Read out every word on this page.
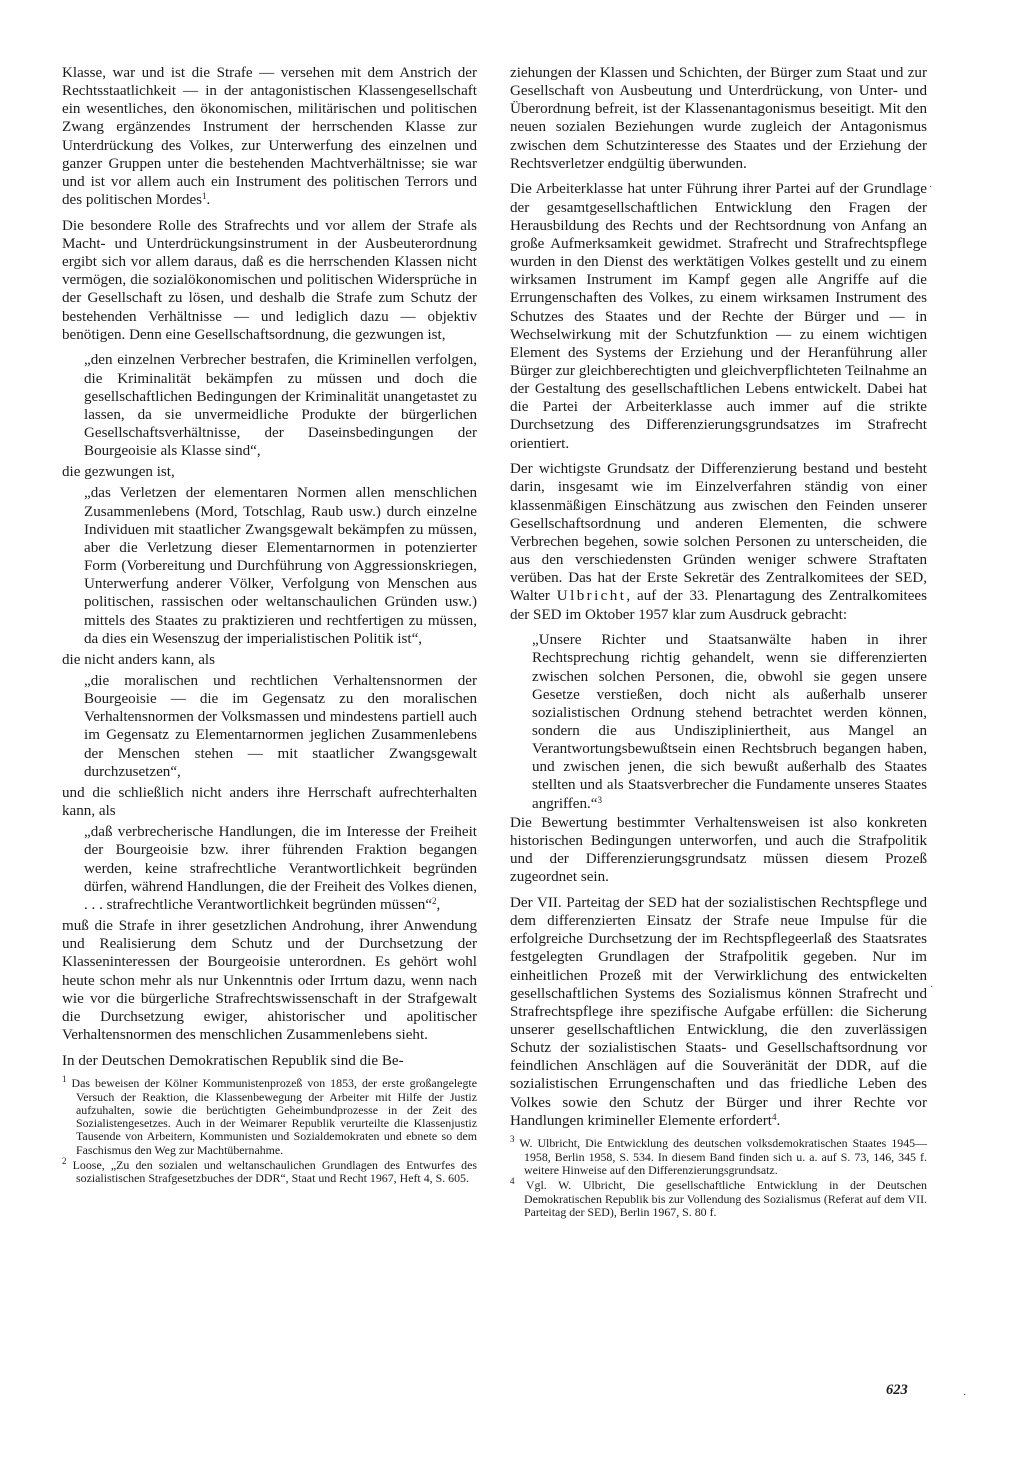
Klasse, war und ist die Strafe — versehen mit dem Anstrich der Rechtsstaatlichkeit — in der antagonistischen Klassengesellschaft ein wesentliches, den ökonomischen, militärischen und politischen Zwang ergänzendes Instrument der herrschenden Klasse zur Unterdrückung des Volkes, zur Unterwerfung des einzelnen und ganzer Gruppen unter die bestehenden Machtverhältnisse; sie war und ist vor allem auch ein Instrument des politischen Terrors und des politischen Mordes$^1$.

Die besondere Rolle des Strafrechts und vor allem der Strafe als Macht- und Unterdrückungsinstrument in der Ausbeuterordnung ergibt sich vor allem daraus, daß es die herrschenden Klassen nicht vermögen, die sozialökonomischen und politischen Widersprüche in der Gesellschaft zu lösen, und deshalb die Strafe zum Schutz der bestehenden Verhältnisse — und lediglich dazu — objektiv benötigen. Denn eine Gesellschaftsordnung, die gezwungen ist,

„den einzelnen Verbrecher bestrafen, die Kriminellen verfolgen, die Kriminalität bekämpfen zu müssen und doch die gesellschaftlichen Bedingungen der Kriminalität unangetastet zu lassen, da sie unvermeidliche Produkte der bürgerlichen Gesellschaftsverhältnisse, der Daseinsbedingungen der Bourgeoisie als Klasse sind“,

die gezwungen ist,

„das Verletzen der elementaren Normen allen menschlichen Zusammenlebens (Mord, Totschlag, Raub usw.) durch einzelne Individuen mit staatlicher Zwangsgewalt bekämpfen zu müssen, aber die Verletzung dieser Elementarnormen in potenzierter Form (Vorbereitung und Durchführung von Aggressionskriegen, Unterwerfung anderer Völker, Verfolgung von Menschen aus politischen, rassischen oder weltanschaulichen Gründen usw.) mittels des Staates zu praktizieren und rechtfertigen zu müssen, da dies ein Wesenszug der imperialistischen Politik ist“,

die nicht anders kann, als

„die moralischen und rechtlichen Verhaltensnormen der Bourgeoisie — die im Gegensatz zu den moralischen Verhaltensnormen der Volksmassen und mindestens partiell auch im Gegensatz zu Elementarnormen jeglichen Zusammenlebens der Menschen stehen — mit staatlicher Zwangsgewalt durchzusetzen“,

und die schließlich nicht anders ihre Herrschaft aufrechterhalten kann, als

„daß verbrecherische Handlungen, die im Interesse der Freiheit der Bourgeoisie bzw. ihrer führenden Fraktion begangen werden, keine strafrechtliche Verantwortlichkeit begründen dürfen, während Handlungen, die der Freiheit des Volkes dienen, . . . strafrechtliche Verantwortlichkeit begründen müssen“$^2$,

muß die Strafe in ihrer gesetzlichen Androhung, ihrer Anwendung und Realisierung dem Schutz und der Durchsetzung der Klasseninteressen der Bourgeoisie unterordnen. Es gehört wohl heute schon mehr als nur Unkenntnis oder Irrtum dazu, wenn nach wie vor die bürgerliche Strafrechtswissenschaft in der Strafgewalt die Durchsetzung ewiger, ahistorischer und apolitischer Verhaltensnormen des menschlichen Zusammenlebens sieht.

In der Deutschen Demokratischen Republik sind die Be-

$^1$ Das beweisen der Kölner Kommunistenprozeß von 1853, der erste großangelegte Versuch der Reaktion, die Klassenbewegung der Arbeiter mit Hilfe der Justiz aufzuhalten, sowie die berüchtigten Geheimbundprozesse in der Zeit des Sozialistengesetzes. Auch in der Weimarer Republik verurteilte die Klassenjustiz Tausende von Arbeitern, Kommunisten und Sozialdemokraten und ebnete so dem Faschismus den Weg zur Machtübernahme.

$^2$ Loose, „Zu den sozialen und weltanschaulichen Grundlagen des Entwurfes des sozialistischen Strafgesetzbuches der DDR“, Staat und Recht 1967, Heft 4, S. 605.

ziehungen der Klassen und Schichten, der Bürger zum Staat und zur Gesellschaft von Ausbeutung und Unterdrückung, von Unter- und Überordnung befreit, ist der Klassenantagonismus beseitigt. Mit den neuen sozialen Beziehungen wurde zugleich der Antagonismus zwischen dem Schutzinteresse des Staates und der Erziehung der Rechtsverletzer endgültig überwunden.

Die Arbeiterklasse hat unter Führung ihrer Partei auf der Grundlage der gesamtgesellschaftlichen Entwicklung den Fragen der Herausbildung des Rechts und der Rechtsordnung von Anfang an große Aufmerksamkeit gewidmet. Strafrecht und Strafrechtspflege wurden in den Dienst des werktätigen Volkes gestellt und zu einem wirksamen Instrument im Kampf gegen alle Angriffe auf die Errungenschaften des Volkes, zu einem wirksamen Instrument des Schutzes des Staates und der Rechte der Bürger und — in Wechselwirkung mit der Schutzfunktion — zu einem wichtigen Element des Systems der Erziehung und der Heranführung aller Bürger zur gleichberechtigten und gleichverpflichteten Teilnahme an der Gestaltung des gesellschaftlichen Lebens entwickelt. Dabei hat die Partei der Arbeiterklasse auch immer auf die strikte Durchsetzung des Differenzierungsgrundsatzes im Strafrecht orientiert.

Der wichtigste Grundsatz der Differenzierung bestand und besteht darin, insgesamt wie im Einzelverfahren ständig von einer klassenmäßigen Einschätzung aus zwischen den Feinden unserer Gesellschaftsordnung und anderen Elementen, die schwere Verbrechen begehen, sowie solchen Personen zu unterscheiden, die aus den verschiedensten Gründen weniger schwere Straftaten verüben. Das hat der Erste Sekretär des Zentralkomitees der SED, Walter Ulbricht, auf der 33. Plenartagung des Zentralkomitees der SED im Oktober 1957 klar zum Ausdruck gebracht:

„Unsere Richter und Staatsanwälte haben in ihrer Rechtsprechung richtig gehandelt, wenn sie differenzierten zwischen solchen Personen, die, obwohl sie gegen unsere Gesetze verstießen, doch nicht als außerhalb unserer sozialistischen Ordnung stehend betrachtet werden können, sondern die aus Undiszipliniertheit, aus Mangel an Verantwortungsbewußtsein einen Rechtsbruch begangen haben, und zwischen jenen, die sich bewußt außerhalb des Staates stellten und als Staatsverbrecher die Fundamente unseres Staates angriffen.“$^3$

Die Bewertung bestimmter Verhaltensweisen ist also konkreten historischen Bedingungen unterworfen, und auch die Strafpolitik und der Differenzierungsgrundsatz müssen diesem Prozeß zugeordnet sein.

Der VII. Parteitag der SED hat der sozialistischen Rechtspflege und dem differenzierten Einsatz der Strafe neue Impulse für die erfolgreiche Durchsetzung der im Rechtspflegeerlaß des Staatsrates festgelegten Grundlagen der Strafpolitik gegeben. Nur im einheitlichen Prozeß mit der Verwirklichung des entwickelten gesellschaftlichen Systems des Sozialismus können Strafrecht und Strafrechtspflege ihre spezifische Aufgabe erfüllen: die Sicherung unserer gesellschaftlichen Entwicklung, die den zuverlässigen Schutz der sozialistischen Staats- und Gesellschaftsordnung vor feindlichen Anschlägen auf die Souveränität der DDR, auf die sozialistischen Errungenschaften und das friedliche Leben des Volkes sowie den Schutz der Bürger und ihrer Rechte vor Handlungen krimineller Elemente erfordert$^4$.

$^3$ W. Ulbricht, Die Entwicklung des deutschen volksdemokratischen Staates 1945—1958, Berlin 1958, S. 534. In diesem Band finden sich u. a. auf S. 73, 146, 345 f. weitere Hinweise auf den Differenzierungsgrundsatz.

$^4$ Vgl. W. Ulbricht, Die gesellschaftliche Entwicklung in der Deutschen Demokratischen Republik bis zur Vollendung des Sozialismus (Referat auf dem VII. Parteitag der SED), Berlin 1967, S. 80 f.

623
·
·
·
